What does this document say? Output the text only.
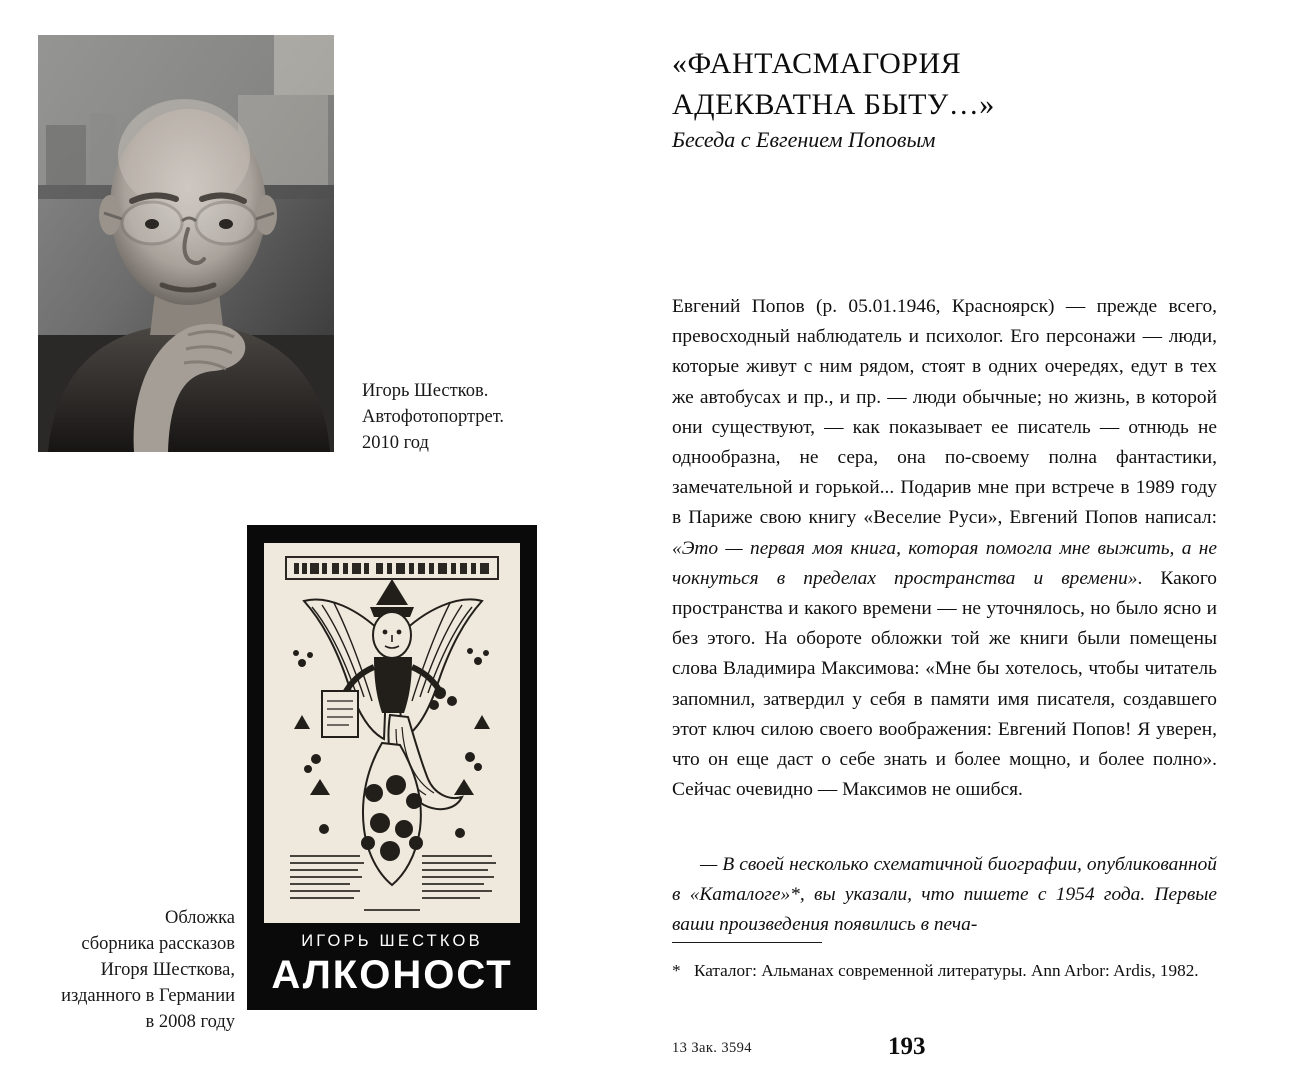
Игорь Шестков.
Автофотопортрет.
2010 год
ИГОРЬ ШЕСТКОВ
АЛКОНОСТ
Обложка
сборника рассказов
Игоря Шесткова,
изданного в Германии
в 2008 году
«ФАНТАСМАГОРИЯ
АДЕКВАТНА БЫТУ…»
Беседа с Евгением Поповым

Евгений Попов (р. 05.01.1946, Красноярск) — прежде всего, превосходный наблюдатель и психолог. Его персонажи — люди, которые живут с ним рядом, стоят в одних очередях, едут в тех же автобусах и пр., и пр. — люди обычные; но жизнь, в которой они существуют, — как показывает ее писатель — отнюдь не однообразна, не сера, она по-своему полна фантастики, замечательной и горькой... Подарив мне при встрече в 1989 году в Париже свою книгу «Веселие Руси», Евгений Попов написал: «Это — первая моя книга, которая помогла мне выжить, а не чокнуться в пределах пространства и времени». Какого пространства и какого времени — не уточнялось, но было ясно и без этого. На обороте обложки той же книги были помещены слова Владимира Максимова: «Мне бы хотелось, чтобы читатель запомнил, затвердил у себя в памяти имя писателя, создавшего этот ключ силою своего воображения: Евгений Попов! Я уверен, что он еще даст о себе знать и более мощно, и более полно». Сейчас очевидно — Максимов не ошибся.

— В своей несколько схематичной биографии, опубликованной в «Каталоге»*, вы указали, что пишете с 1954 года. Первые ваши произведения появились в печа-
* Каталог: Альманах современной литературы. Ann Arbor: Ardis, 1982.
13 Зак. 3594	193
